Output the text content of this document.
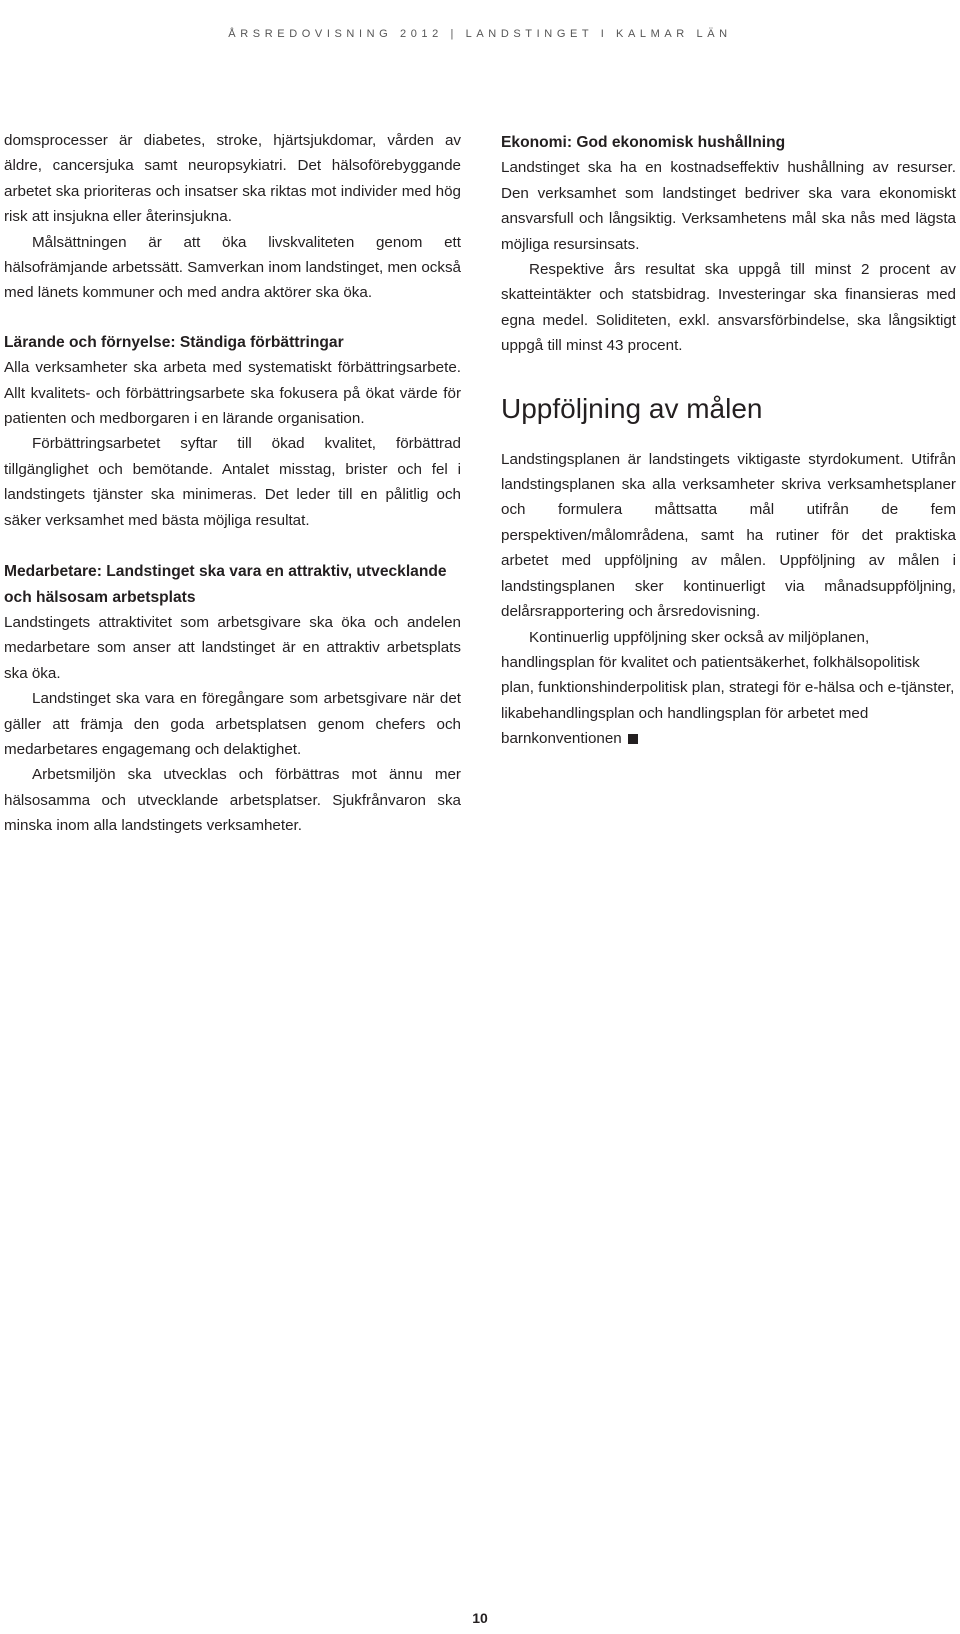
ÅRSREDOVISNING 2012 | LANDSTINGET I KALMAR LÄN

domsprocesser är diabetes, stroke, hjärtsjukdomar, vården av äldre, cancersjuka samt neuropsykiatri. Det hälsoförebyggande arbetet ska prioriteras och insatser ska riktas mot individer med hög risk att insjukna eller återinsjukna.

Målsättningen är att öka livskvaliteten genom ett hälsofrämjande arbetssätt. Samverkan inom landstinget, men också med länets kommuner och med andra aktörer ska öka.

Lärande och förnyelse: Ständiga förbättringar

Alla verksamheter ska arbeta med systematiskt förbättringsarbete. Allt kvalitets- och förbättringsarbete ska fokusera på ökat värde för patienten och medborgaren i en lärande organisation.

Förbättringsarbetet syftar till ökad kvalitet, förbättrad tillgänglighet och bemötande. Antalet misstag, brister och fel i landstingets tjänster ska minimeras. Det leder till en pålitlig och säker verksamhet med bästa möjliga resultat.

Medarbetare: Landstinget ska vara en attraktiv, utvecklande och hälsosam arbetsplats

Landstingets attraktivitet som arbetsgivare ska öka och andelen medarbetare som anser att landstinget är en attraktiv arbetsplats ska öka.

Landstinget ska vara en föregångare som arbetsgivare när det gäller att främja den goda arbetsplatsen genom chefers och medarbetares engagemang och delaktighet.

Arbetsmiljön ska utvecklas och förbättras mot ännu mer hälsosamma och utvecklande arbetsplatser. Sjukfrånvaron ska minska inom alla landstingets verksamheter.

Ekonomi: God ekonomisk hushållning

Landstinget ska ha en kostnadseffektiv hushållning av resurser. Den verksamhet som landstinget bedriver ska vara ekonomiskt ansvarsfull och långsiktig. Verksamhetens mål ska nås med lägsta möjliga resursinsats.

Respektive års resultat ska uppgå till minst 2 procent av skatteintäkter och statsbidrag. Investeringar ska finansieras med egna medel. Soliditeten, exkl. ansvarsförbindelse, ska långsiktigt uppgå till minst 43 procent.

Uppföljning av målen

Landstingsplanen är landstingets viktigaste styrdokument. Utifrån landstingsplanen ska alla verksamheter skriva verksamhetsplaner och formulera måttsatta mål utifrån de fem perspektiven/målområdena, samt ha rutiner för det praktiska arbetet med uppföljning av målen. Uppföljning av målen i landstingsplanen sker kontinuerligt via månadsuppföljning, delårsrapportering och årsredovisning.

Kontinuerlig uppföljning sker också av miljöplanen, handlingsplan för kvalitet och patientsäkerhet, folkhälsopolitisk plan, funktionshinderpolitisk plan, strategi för e-hälsa och e-tjänster, likabehandlingsplan och handlingsplan för arbetet med barnkonventionen

10
